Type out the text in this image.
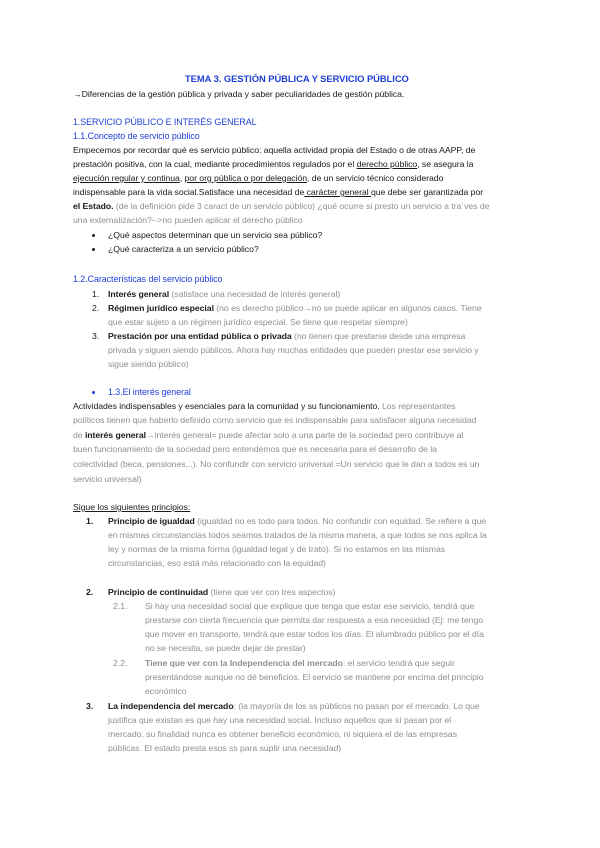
TEMA 3. GESTIÓN PÚBLICA Y SERVICIO PÚBLICO
→Diferencias de la gestión pública y privada y saber peculiaridades de gestión pública.
1.SERVICIO PÚBLICO E INTERÉS GENERAL
1.1.Concepto de servicio público
Empecemos por recordar qué es servicio público: aquella actividad propia del Estado o de otras AAPP, de
prestación positiva, con la cual, mediante procedimientos regulados por el derecho público, se asegura la
ejecución regular y continua, por org pública o por delegación, de un servicio técnico considerado
indispensable para la vida social.Satisface una necesidad de carácter general que debe ser garantizada por
el Estado. (de la definición pide 3 caract de un servicio público) ¿qué ocurre si presto un servicio a tra´ves de
una externalización?-->no pueden aplicar el derecho público
¿Qué aspectos determinan que un servicio sea público?
¿Qué caracteriza a un servicio público?
1.2.Características del servicio público
1. Interés general (satisface una necesidad de interés general)
2. Régimen jurídico especial (no es derecho público→no se puede aplicar en algunos casos. Tiene
que estar sujeto a un régimen jurídico especial. Se tiene que respetar siempre)
3. Prestación por una entidad pública o privada (no tienen que prestarse desde una empresa
privada y siguen siendo públicos. Ahora hay muchas entidades que pueden prestar ese servicio y
sigue siendo público)
1.3.El interés general
Actividades indispensables y esenciales para la comunidad y su funcionamiento. Los representantes
políticos tienen que haberlo definido como servicio que es indispensable para satisfacer alguna necesidad
de interés general→interés general= puede afectar solo a una parte de la sociedad pero contribuye al
buen funcionamiento de la sociedad pero entendemos que es necesaria para el desarrollo de la
colectividad (beca, pensiones,..). No confundir con servicio universal =Un servicio que le dan a todos es un
servicio universal)
Sigue los siguientes principios:
1. Principio de igualdad (igualdad no es todo para todos. No confundir con equidad. Se refiere a que
en mismas circunstancias todos seamos tratados de la misma manera, a que todos se nos aplica la
ley y normas de la misma forma (igualdad legal y de trato). Si no estamos en las mismas
circunstancias, eso está más relacionado con la equidad)
2. Principio de continuidad (tiene que ver con tres aspectos)
2.1. Si hay una necesidad social que explique que tenga que estar ese servicio, tendrá que
prestarse con cierta frecuencia que permita dar respuesta a esa necesidad (Ej: me tengo
que mover en transporte, tendrá que estar todos los días. El alumbrado público por el día
no se necesita, se puede dejar de prestar)
2.2. Tiene que ver con la Independencia del mercado: el servicio tendrá que seguir
presentándose aunque no dé beneficios. El servicio se mantiene por encima del principio
económico
3. La independencia del mercado: (la mayoría de los ss públicos no pasan por el mercado. Lo que
justifica que existan es que hay una necesidad social. Incluso aquellos que sí pasan por el
mercado, su finalidad nunca es obtener beneficio económico, ni siquiera el de las empresas
públicas. El estado presta esos ss para suplir una necesidad)
